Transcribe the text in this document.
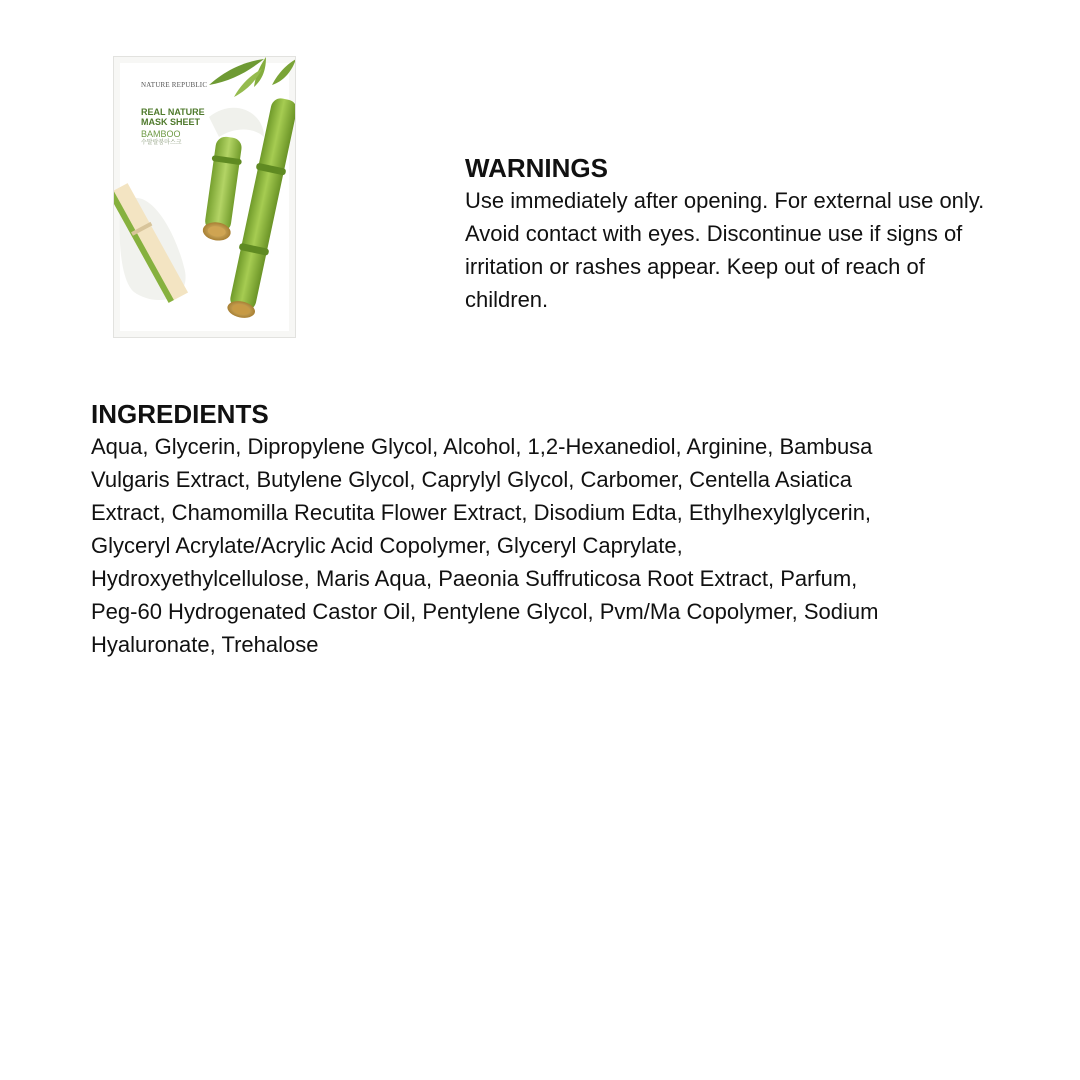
NATURE REPUBLIC
REAL NATURE
MASK SHEET
BAMBOO
수딸랄붐마스크
WARNINGS

Use immediately after opening. For external use only.

Avoid contact with eyes. Discontinue use if signs of

irritation or rashes appear. Keep out of reach of

children.

INGREDIENTS

Aqua, Glycerin, Dipropylene Glycol, Alcohol, 1,2-Hexanediol, Arginine, Bambusa

Vulgaris Extract, Butylene Glycol, Caprylyl Glycol, Carbomer, Centella Asiatica

Extract, Chamomilla Recutita Flower Extract, Disodium Edta, Ethylhexylglycerin,

Glyceryl Acrylate/Acrylic Acid Copolymer, Glyceryl Caprylate,

Hydroxyethylcellulose, Maris Aqua, Paeonia Suffruticosa Root Extract, Parfum,

Peg-60 Hydrogenated Castor Oil, Pentylene Glycol, Pvm/Ma Copolymer, Sodium

Hyaluronate, Trehalose
